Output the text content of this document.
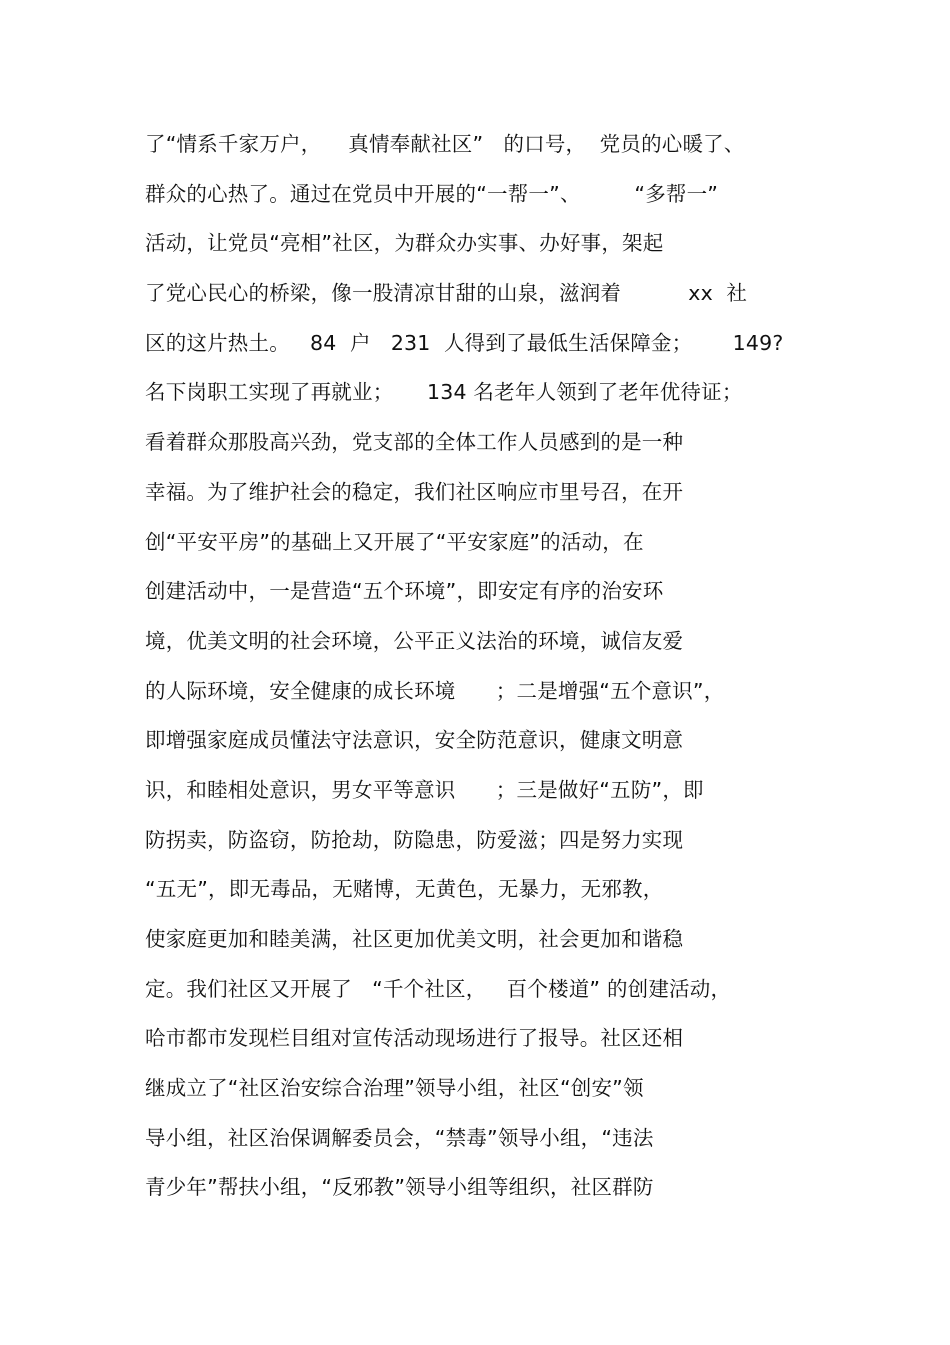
了“情系千家万户，    真情奉献社区”   的口号，  党员的心暖了、
群众的心热了。通过在党员中开展的“一帮一”、        “多帮一”
活动，让党员“亮相”社区，为群众办实事、办好事，架起
了党心民心的桥梁，像一股清凉甘甜的山泉，滋润着          xx  社
区的这片热土。   84  户   231  人得到了最低生活保障金；      149?
名下岗职工实现了再就业；     134 名老年人领到了老年优待证；
看着群众那股高兴劲，党支部的全体工作人员感到的是一种
幸福。为了维护社会的稳定，我们社区响应市里号召，在开
创“平安平房”的基础上又开展了“平安家庭”的活动，在
创建活动中，一是营造“五个环境”，即安定有序的治安环
境，优美文明的社会环境，公平正义法治的环境，诚信友爱
的人际环境，安全健康的成长环境      ；二是增强“五个意识”，
即增强家庭成员懂法守法意识，安全防范意识，健康文明意
识，和睦相处意识，男女平等意识      ；三是做好“五防”，即
防拐卖，防盗窃，防抢劫，防隐患，防爱滋；四是努力实现
“五无”，即无毒品，无赌博，无黄色，无暴力，无邪教，
使家庭更加和睦美满，社区更加优美文明，社会更加和谐稳
定。我们社区又开展了   “千个社区，   百个楼道” 的创建活动，
哈市都市发现栏目组对宣传活动现场进行了报导。社区还相
继成立了“社区治安综合治理”领导小组，社区“创安”领
导小组，社区治保调解委员会，“禁毒”领导小组，“违法
青少年”帮扶小组，“反邪教”领导小组等组织，社区群防
